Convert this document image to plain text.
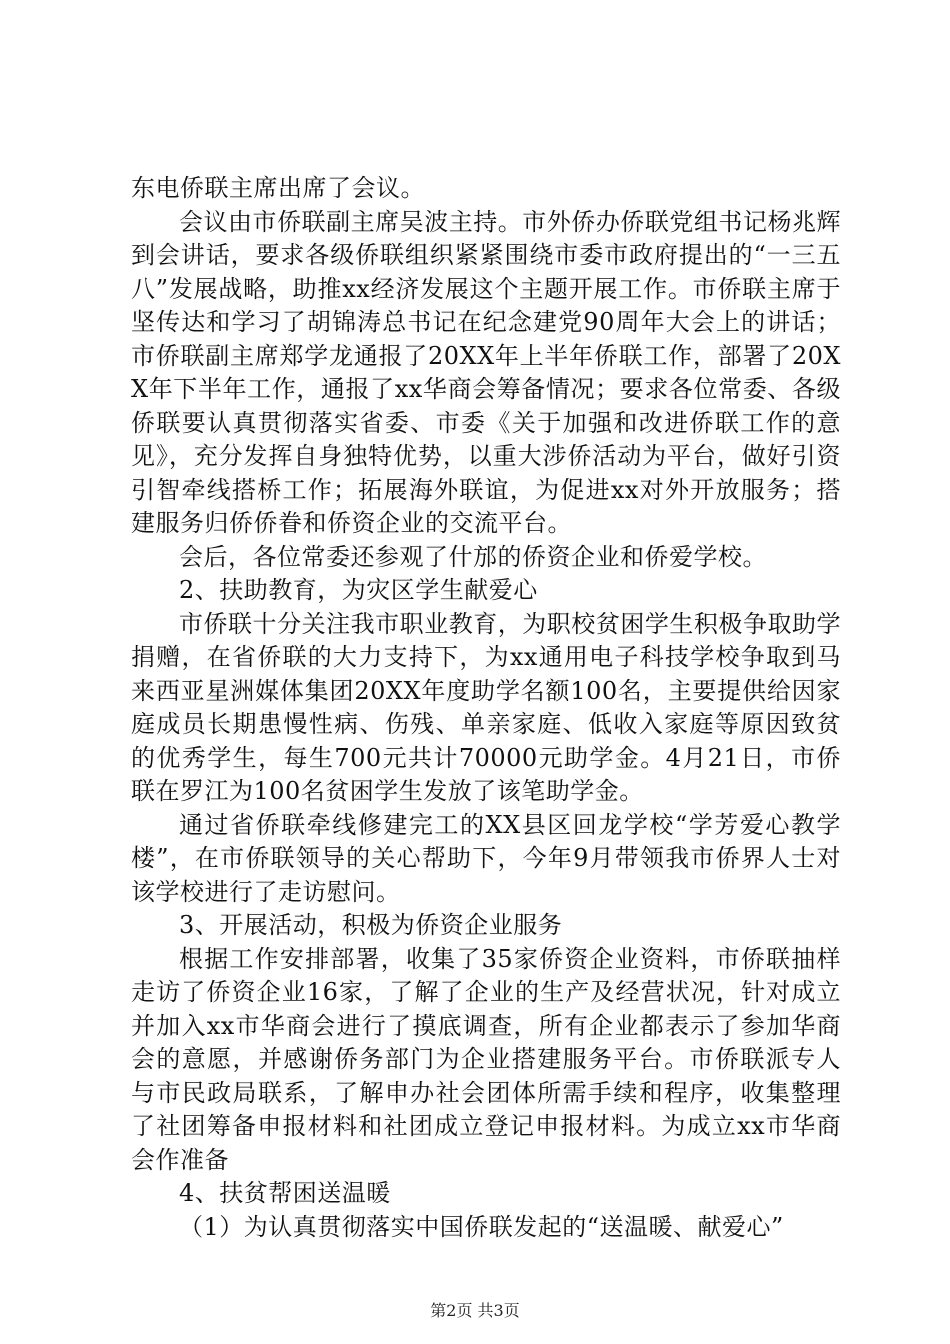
东电侨联主席出席了会议。

会议由市侨联副主席吴波主持。市外侨办侨联党组书记杨兆辉到会讲话，要求各级侨联组织紧紧围绕市委市政府提出的“一三五八”发展战略，助推xx经济发展这个主题开展工作。市侨联主席于坚传达和学习了胡锦涛总书记在纪念建党90周年大会上的讲话；市侨联副主席郑学龙通报了20XX年上半年侨联工作，部署了20XX年下半年工作，通报了xx华商会筹备情况；要求各位常委、各级侨联要认真贯彻落实省委、市委《关于加强和改进侨联工作的意见》，充分发挥自身独特优势，以重大涉侨活动为平台，做好引资引智牵线搭桥工作；拓展海外联谊，为促进xx对外开放服务；搭建服务归侨侨眷和侨资企业的交流平台。

会后，各位常委还参观了什邡的侨资企业和侨爱学校。

2、扶助教育，为灾区学生献爱心

市侨联十分关注我市职业教育，为职校贫困学生积极争取助学捐赠，在省侨联的大力支持下，为xx通用电子科技学校争取到马来西亚星洲媒体集团20XX年度助学名额100名，主要提供给因家庭成员长期患慢性病、伤残、单亲家庭、低收入家庭等原因致贫的优秀学生，每生700元共计70000元助学金。4月21日，市侨联在罗江为100名贫困学生发放了该笔助学金。

通过省侨联牵线修建完工的XX县区回龙学校“学芳爱心教学楼”，在市侨联领导的关心帮助下，今年9月带领我市侨界人士对该学校进行了走访慰问。

3、开展活动，积极为侨资企业服务

根据工作安排部署，收集了35家侨资企业资料，市侨联抽样走访了侨资企业16家，了解了企业的生产及经营状况，针对成立并加入xx市华商会进行了摸底调查，所有企业都表示了参加华商会的意愿，并感谢侨务部门为企业搭建服务平台。市侨联派专人与市民政局联系，了解申办社会团体所需手续和程序，收集整理了社团筹备申报材料和社团成立登记申报材料。为成立xx市华商会作准备

4、扶贫帮困送温暖

（1）为认真贯彻落实中国侨联发起的“送温暖、献爱心”

第2页 共3页
